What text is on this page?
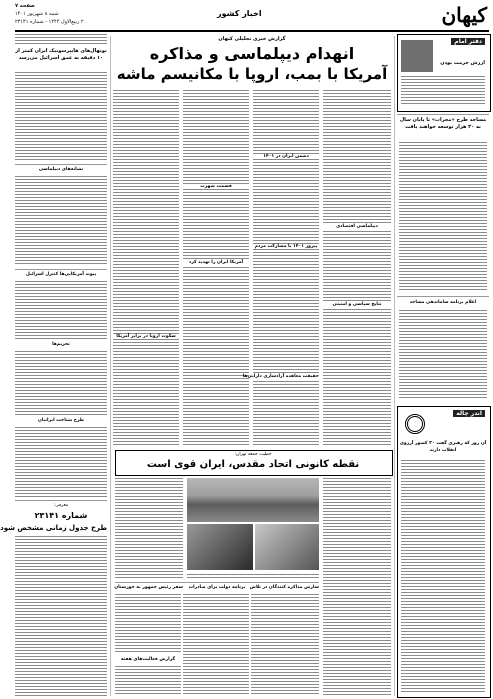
کیهان
اخبار کشور
صفحه ۷
شنبه ۸ شهریور ۱۴۰۱
۲ ربیع‌الاول ۱۴۴۴ - شماره ۲۳۱۴۱
دفتر امام
ارزش حرمت بودن
مساجد طرح «محراب» تا پایان سال به ۳۰ هزار توسعه خواهند یافت
اعلام برنامه ساماندهی مساجد
اندر چاله
آن روز که رهبری گفت ۳۰ کشور آرزوی انقلاب دارند
نونهال‌های هایپرسونیک ایران کمتر از ۱۰ دقیقه به عمق اسرائیل می‌رسد
نشانه‌های دیپلماسی
پیوند آمریکایی‌ها کنترل اسرائیل
تحریم‌ها
طرح شناخت ایرانیان
معرفی:
شماره ۲۳۱۴۱
طرح جدول زمانی مشخص شود
گزارش خبری تحلیلی کیهان
انهدام دیپلماسی و مذاکره
آمریکا با بمب، اروپا با مکانیسم ماشه
دشمن ایران در ۱۴۰۱
قسمت شهرت
دیپلماسی اقتصادی
پیروز ۱۴۰۱ با مشارکت مردم
آمریکا ایران را تهدید کرد
نتایج سیاسی و امنیتی
سکوت اروپا در برابر آمریکا
حقیقت معاهده آزادسازی دارایی‌ها
خطیب جمعه تهران:
نقطه کانونی اتحاد مقدس، ایران قوی است
سازش مذاکره کنندگان در تلاش
برنامه دولت برای صادرات
سفر رئیس جمهور به خوزستان
گزارش فعالیت‌های هفته
